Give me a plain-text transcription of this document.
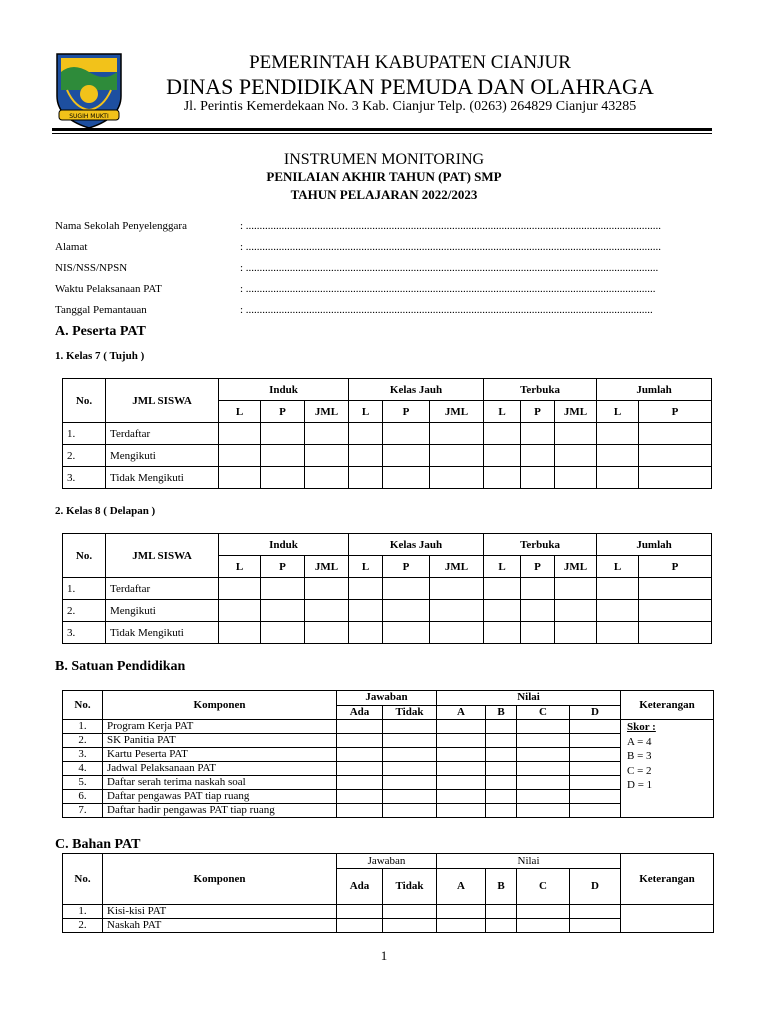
SUGIH MUKTI
PEMERINTAH KABUPATEN CIANJUR
DINAS PENDIDIKAN PEMUDA DAN OLAHRAGA
Jl. Perintis Kemerdekaan No. 3 Kab. Cianjur Telp. (0263) 264829 Cianjur 43285
INSTRUMEN MONITORING
PENILAIAN AKHIR TAHUN (PAT) SMP
TAHUN PELAJARAN 2022/2023
Nama Sekolah Penyelenggara	: .......................................................................................................................................................
Alamat	: .......................................................................................................................................................
NIS/NSS/NPSN	: ......................................................................................................................................................
Waktu Pelaksanaan PAT	: .....................................................................................................................................................
Tanggal Pemantauan	: ....................................................................................................................................................
A. Peserta PAT
1. Kelas 7 ( Tujuh )
No.	JML SISWA	Induk			Kelas Jauh			Terbuka			Jumlah	
		L	P	JML	L	P	JML	L	P	JML	L	P
1.	Terdaftar											
2.	Mengikuti											
3.	Tidak Mengikuti											
2. Kelas 8 ( Delapan )
No.	JML SISWA	Induk			Kelas Jauh			Terbuka			Jumlah	
		L	P	JML	L	P	JML	L	P	JML	L	P
1.	Terdaftar											
2.	Mengikuti											
3.	Tidak Mengikuti											
B. Satuan Pendidikan
No.	Komponen	Jawaban		Nilai				Keterangan
		Ada	Tidak	A	B	C	D	
1.	Program Kerja PAT							Skor :
A = 4
B = 3
C = 2
D = 1

2.	SK Panitia PAT							
3.	Kartu Peserta PAT							
4.	Jadwal Pelaksanaan PAT							
5.	Daftar serah terima naskah soal							
6.	Daftar pengawas PAT tiap ruang							
7.	Daftar hadir pengawas PAT tiap ruang							
C. Bahan PAT
No.	Komponen	Jawaban		Nilai				Keterangan
		Ada	Tidak	A	B	C	D	
1.	Kisi-kisi PAT							
2.	Naskah PAT							
1
